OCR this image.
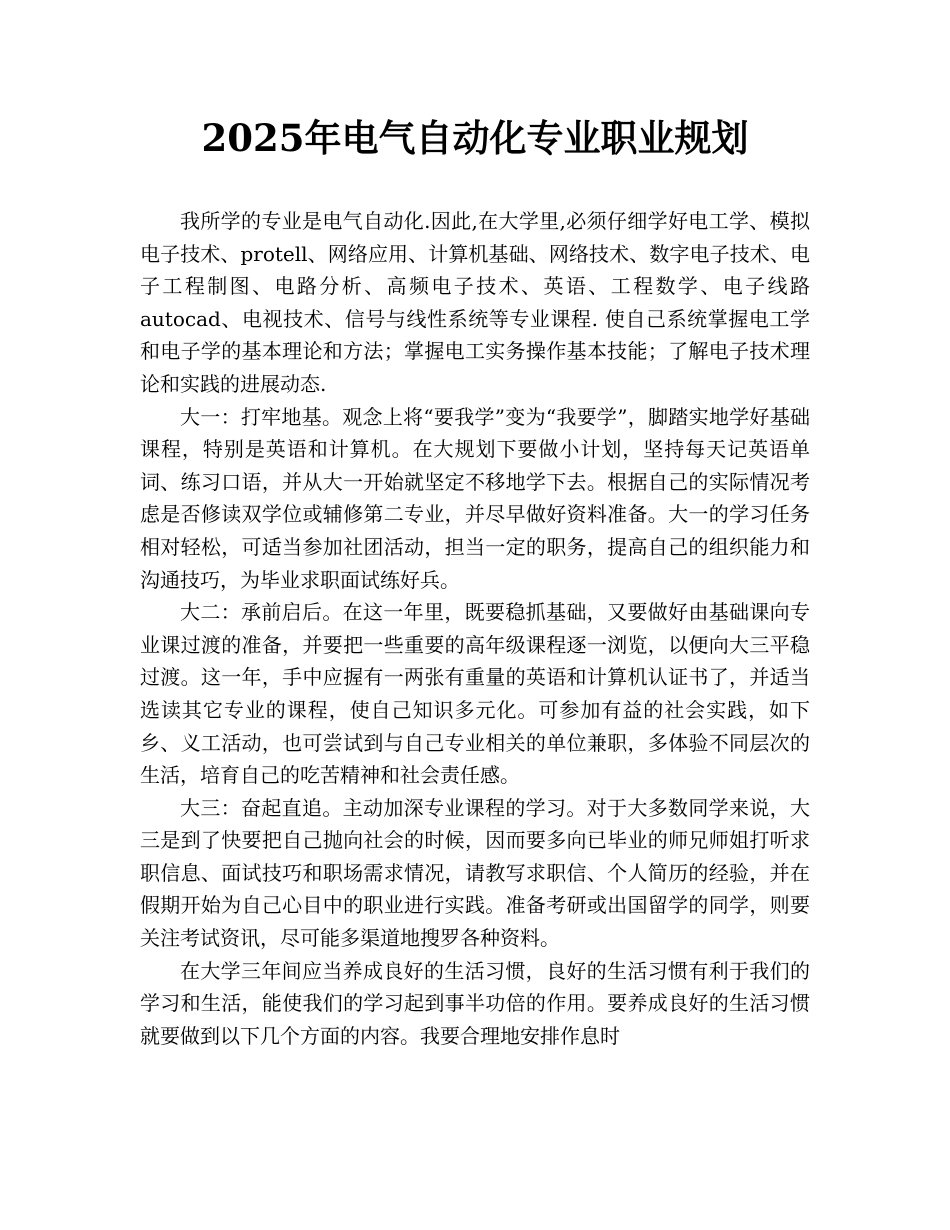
2025年电气自动化专业职业规划

我所学的专业是电气自动化.因此,在大学里,必须仔细学好电工学、模拟电子技术、protell、网络应用、计算机基础、网络技术、数字电子技术、电子工程制图、电路分析、高频电子技术、英语、工程数学、电子线路autocad、电视技术、信号与线性系统等专业课程. 使自己系统掌握电工学和电子学的基本理论和方法；掌握电工实务操作基本技能；了解电子技术理论和实践的进展动态.

大一：打牢地基。观念上将“要我学”变为“我要学”，脚踏实地学好基础课程，特别是英语和计算机。在大规划下要做小计划，坚持每天记英语单词、练习口语，并从大一开始就坚定不移地学下去。根据自己的实际情况考虑是否修读双学位或辅修第二专业，并尽早做好资料准备。大一的学习任务相对轻松，可适当参加社团活动，担当一定的职务，提高自己的组织能力和沟通技巧，为毕业求职面试练好兵。

大二：承前启后。在这一年里，既要稳抓基础，又要做好由基础课向专业课过渡的准备，并要把一些重要的高年级课程逐一浏览，以便向大三平稳过渡。这一年，手中应握有一两张有重量的英语和计算机认证书了，并适当选读其它专业的课程，使自己知识多元化。可参加有益的社会实践，如下乡、义工活动，也可尝试到与自己专业相关的单位兼职，多体验不同层次的生活，培育自己的吃苦精神和社会责任感。

大三：奋起直追。主动加深专业课程的学习。对于大多数同学来说，大三是到了快要把自己抛向社会的时候，因而要多向已毕业的师兄师姐打听求职信息、面试技巧和职场需求情况，请教写求职信、个人简历的经验，并在假期开始为自己心目中的职业进行实践。准备考研或出国留学的同学，则要关注考试资讯，尽可能多渠道地搜罗各种资料。

在大学三年间应当养成良好的生活习惯，良好的生活习惯有利于我们的学习和生活，能使我们的学习起到事半功倍的作用。要养成良好的生活习惯就要做到以下几个方面的内容。我要合理地安排作息时
